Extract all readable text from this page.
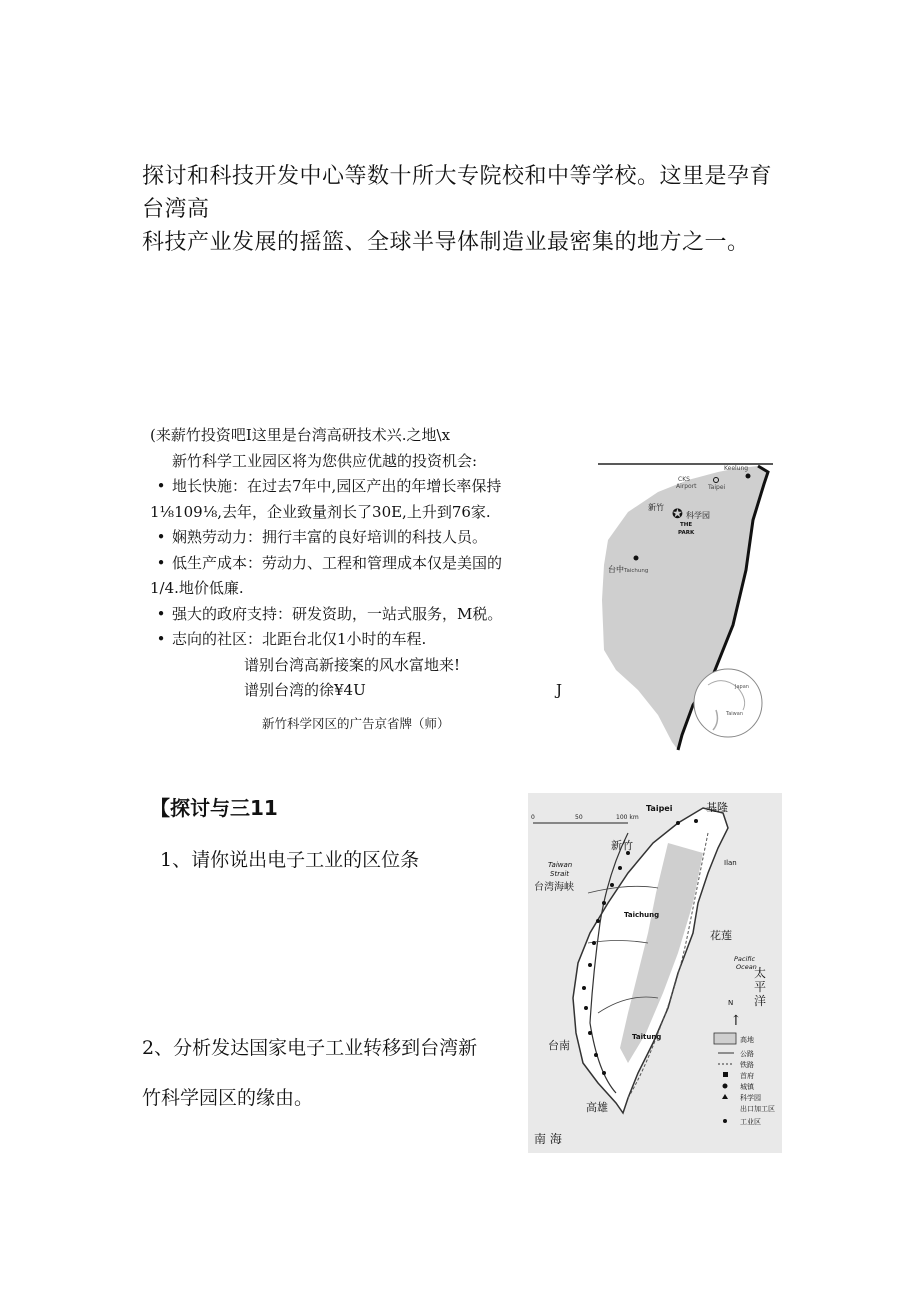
探讨和科技开发中心等数十所大专院校和中等学校。这里是孕育台湾高

科技产业发展的摇篮、全球半导体制造业最密集的地方之一。

(来薪竹投资吧I这里是台湾高研技术兴.之地\x
新竹科学工业园区将为您供应优越的投资机会:
• 地长快施：在过去7年中,园区产出的年增长率保持
1⅛109⅛,去年，企业致量剂长了30E,上升到76家.
• 娴熟劳动力：拥行丰富的良好培训的科技人员。
• 低生产成本：劳动力、工程和管理成本仅是美国的
1/4.地价低廉.
• 强大的政府支持：研发资助，一站式服务，M税。
• 志向的社区：北距台北仅1小时的车程.
谱别台湾高新接案的风水富地来!
谱别台湾的徐¥4U	J
新竹科学冈区的广告京省牌（师）
Keelung
CKS
Airport Taipei
新竹 ✪ 科学园
THE
PARK
台中 Taichung
Japan
Taiwan
【探讨与三11
1、请你说出电子工业的区位条

2、分析发达国家电子工业转移到台湾新

竹科学园区的缘由。

0	50	100 km
Taipei	基隆
新竹
Ilan
Taiwan
Strait
台湾海峡
Taichung
花莲
Pacific
Ocean
太
平
洋
N
↑
台南
Taitung
高雄
南 海
高地
公路
铁路
首府
城镇
科学园
出口加工区
工业区
